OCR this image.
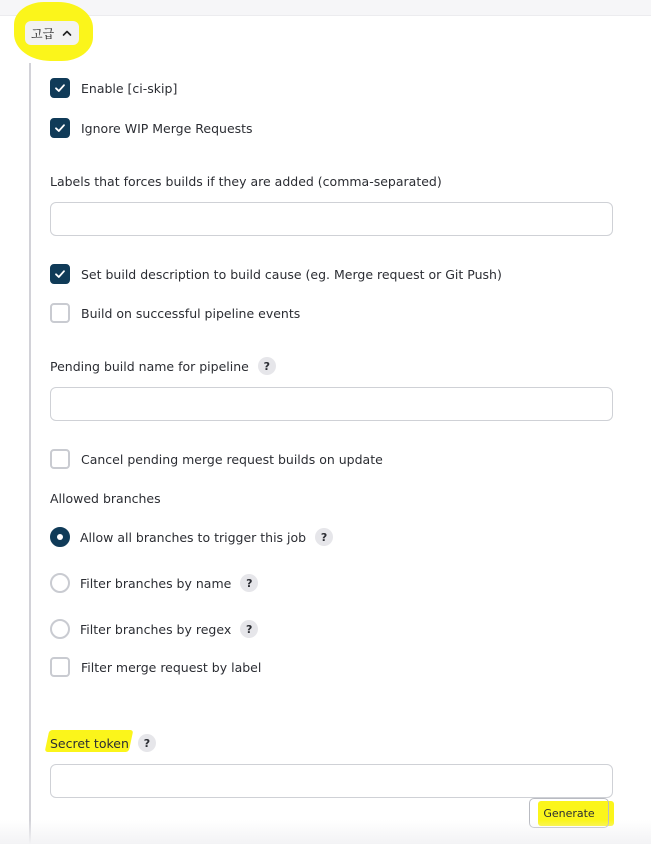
고급
Enable [ci-skip]
Ignore WIP Merge Requests
Labels that forces builds if they are added (comma-separated)
Set build description to build cause (eg. Merge request or Git Push)
Build on successful pipeline events
Pending build name for pipeline	?
Cancel pending merge request builds on update
Allowed branches
Allow all branches to trigger this job	?
Filter branches by name	?
Filter branches by regex	?
Filter merge request by label
Secret token	?
Generate
